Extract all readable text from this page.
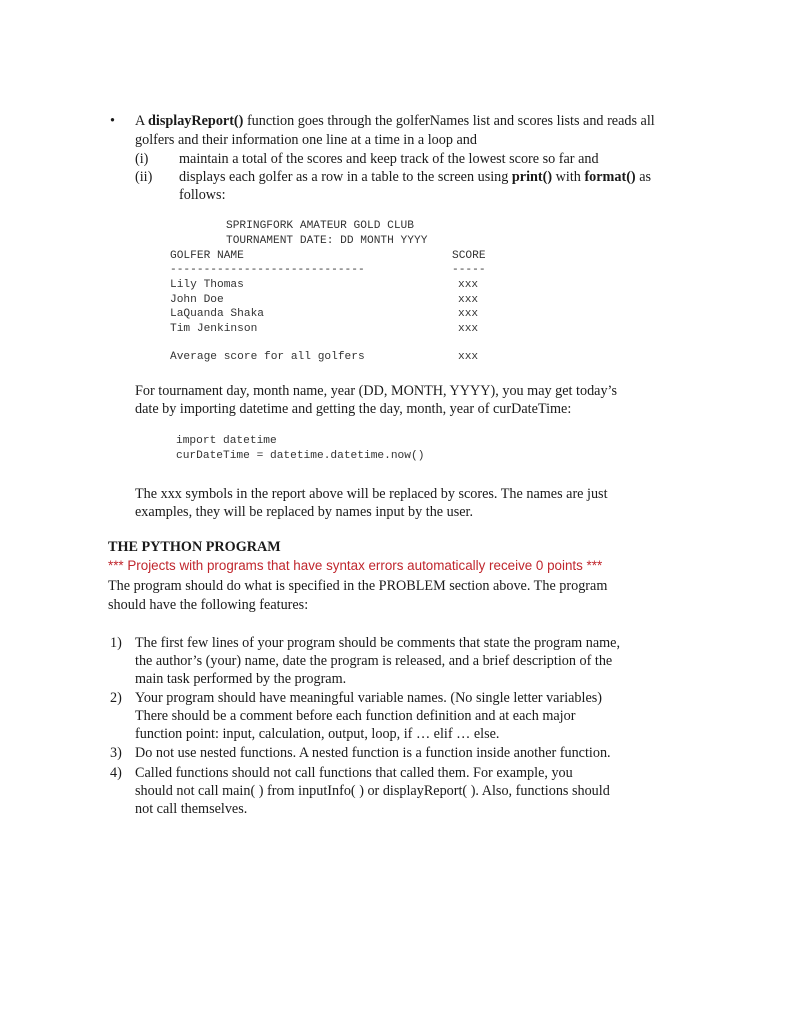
• A displayReport() function goes through the golferNames list and scores lists and reads all
golfers and their information one line at a time in a loop and
(i) maintain a total of the scores and keep track of the lowest score so far and
(ii) displays each golfer as a row in a table to the screen using print() with format() as
follows:
SPRINGFORK AMATEUR GOLD CLUB
TOURNAMENT DATE: DD MONTH YYYY
GOLFER NAME	SCORE
-----------------------------	-----
Lily Thomas	xxx
John Doe	xxx
LaQuanda Shaka	xxx
Tim Jenkinson	xxx
Average score for all golfers	xxx
For tournament day, month name, year (DD, MONTH, YYYY), you may get today’s
date by importing datetime and getting the day, month, year of curDateTime:
import datetime
curDateTime = datetime.datetime.now()
The xxx symbols in the report above will be replaced by scores. The names are just
examples, they will be replaced by names input by the user.
THE PYTHON PROGRAM
*** Projects with programs that have syntax errors automatically receive 0 points ***
The program should do what is specified in the PROBLEM section above. The program
should have the following features:
1) The first few lines of your program should be comments that state the program name,
the author’s (your) name, date the program is released, and a brief description of the
main task performed by the program.
2) Your program should have meaningful variable names. (No single letter variables)
There should be a comment before each function definition and at each major
function point: input, calculation, output, loop, if … elif … else.
3) Do not use nested functions. A nested function is a function inside another function.
4) Called functions should not call functions that called them. For example, you
should not call main( ) from inputInfo( ) or displayReport( ). Also, functions should
not call themselves.
